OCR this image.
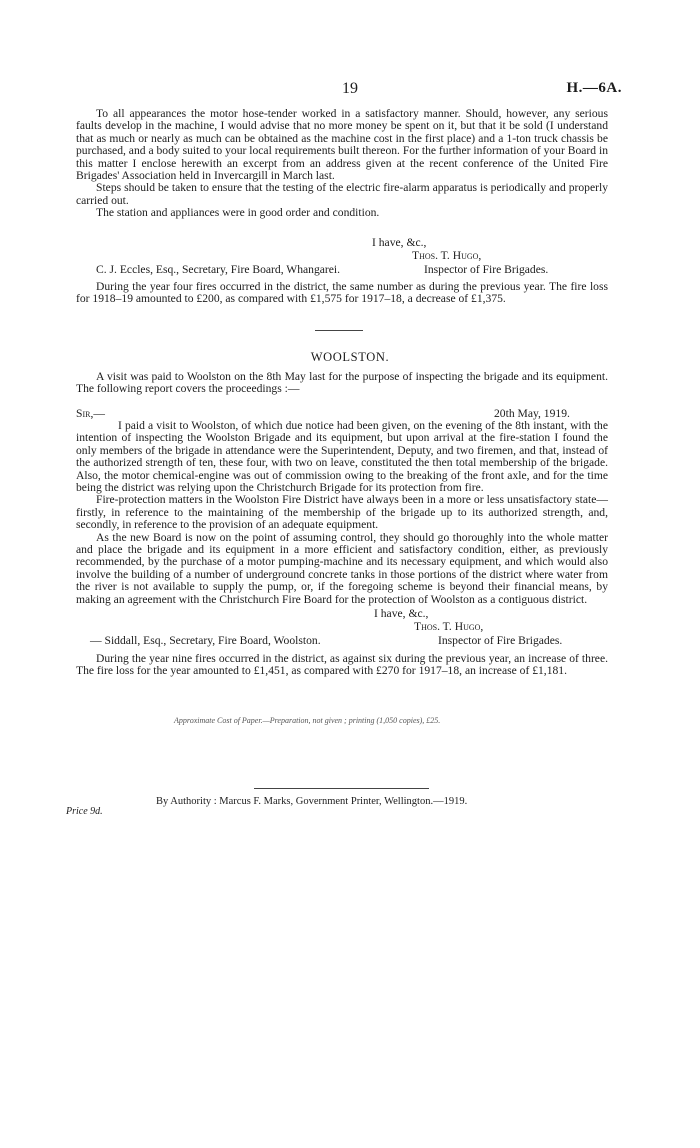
19	H.—6A.

To all appearances the motor hose-tender worked in a satisfactory manner. Should, however, any serious faults develop in the machine, I would advise that no more money be spent on it, but that it be sold (I understand that as much or nearly as much can be obtained as the machine cost in the first place) and a 1-ton truck chassis be purchased, and a body suited to your local requirements built thereon. For the further information of your Board in this matter I enclose herewith an excerpt from an address given at the recent conference of the United Fire Brigades' Association held in Invercargill in March last.

Steps should be taken to ensure that the testing of the electric fire-alarm apparatus is periodically and properly carried out.

The station and appliances were in good order and condition.

I have, &c.,
Thos. T. Hugo,
C. J. Eccles, Esq., Secretary, Fire Board, Whangarei.	Inspector of Fire Brigades.

During the year four fires occurred in the district, the same number as during the previous year. The fire loss for 1918–19 amounted to £200, as compared with £1,575 for 1917–18, a decrease of £1,375.

WOOLSTON.

A visit was paid to Woolston on the 8th May last for the purpose of inspecting the brigade and its equipment. The following report covers the proceedings :—

Sir,—	20th May, 1919.

I paid a visit to Woolston, of which due notice had been given, on the evening of the 8th instant, with the intention of inspecting the Woolston Brigade and its equipment, but upon arrival at the fire-station I found the only members of the brigade in attendance were the Superintendent, Deputy, and two firemen, and that, instead of the authorized strength of ten, these four, with two on leave, constituted the then total membership of the brigade. Also, the motor chemical-engine was out of commission owing to the breaking of the front axle, and for the time being the district was relying upon the Christchurch Brigade for its protection from fire.

Fire-protection matters in the Woolston Fire District have always been in a more or less unsatisfactory state—firstly, in reference to the maintaining of the membership of the brigade up to its authorized strength, and, secondly, in reference to the provision of an adequate equipment.

As the new Board is now on the point of assuming control, they should go thoroughly into the whole matter and place the brigade and its equipment in a more efficient and satisfactory condition, either, as previously recommended, by the purchase of a motor pumping-machine and its necessary equipment, and which would also involve the building of a number of underground concrete tanks in those portions of the district where water from the river is not available to supply the pump, or, if the foregoing scheme is beyond their financial means, by making an agreement with the Christchurch Fire Board for the protection of Woolston as a contiguous district.

I have, &c.,
Thos. T. Hugo,
— Siddall, Esq., Secretary, Fire Board, Woolston.	Inspector of Fire Brigades.

During the year nine fires occurred in the district, as against six during the previous year, an increase of three. The fire loss for the year amounted to £1,451, as compared with £270 for 1917–18, an increase of £1,181.

Approximate Cost of Paper.—Preparation, not given ; printing (1,050 copies), £25.
By Authority : Marcus F. Marks, Government Printer, Wellington.—1919.
Price 9d.
